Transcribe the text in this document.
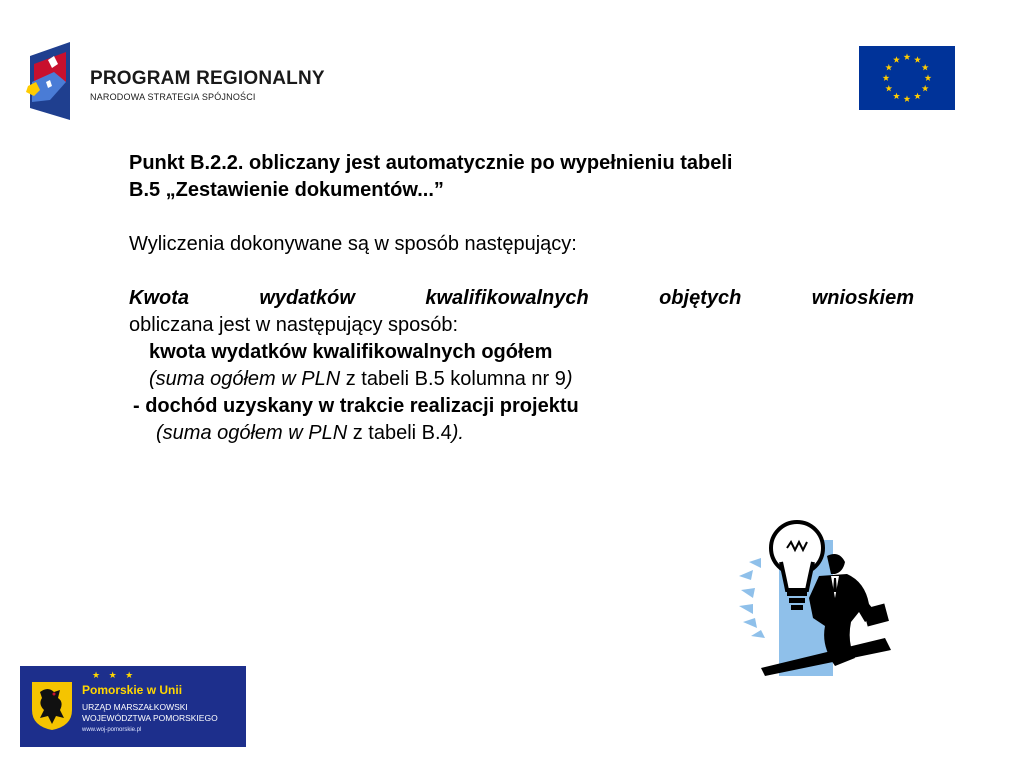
PROGRAM REGIONALNY
NARODOWA STRATEGIA SPÓJNOŚCI

Punkt B.2.2. obliczany jest automatycznie po wypełnieniu tabeli

B.5 „Zestawienie dokumentów...”

Wyliczenia dokonywane są w sposób następujący:

Kwota	wydatków	kwalifikowalnych	objętych	wnioskiem

obliczana jest w następujący sposób:

kwota wydatków kwalifikowalnych ogółem

(suma ogółem w PLN z tabeli B.5 kolumna nr 9)

- dochód uzyskany w trakcie realizacji projektu

(suma ogółem w PLN z tabeli B.4).

★ ★ ★
Pomorskie w Unii
URZĄD MARSZAŁKOWSKI
WOJEWÓDZTWA POMORSKIEGO
www.woj-pomorskie.pl
